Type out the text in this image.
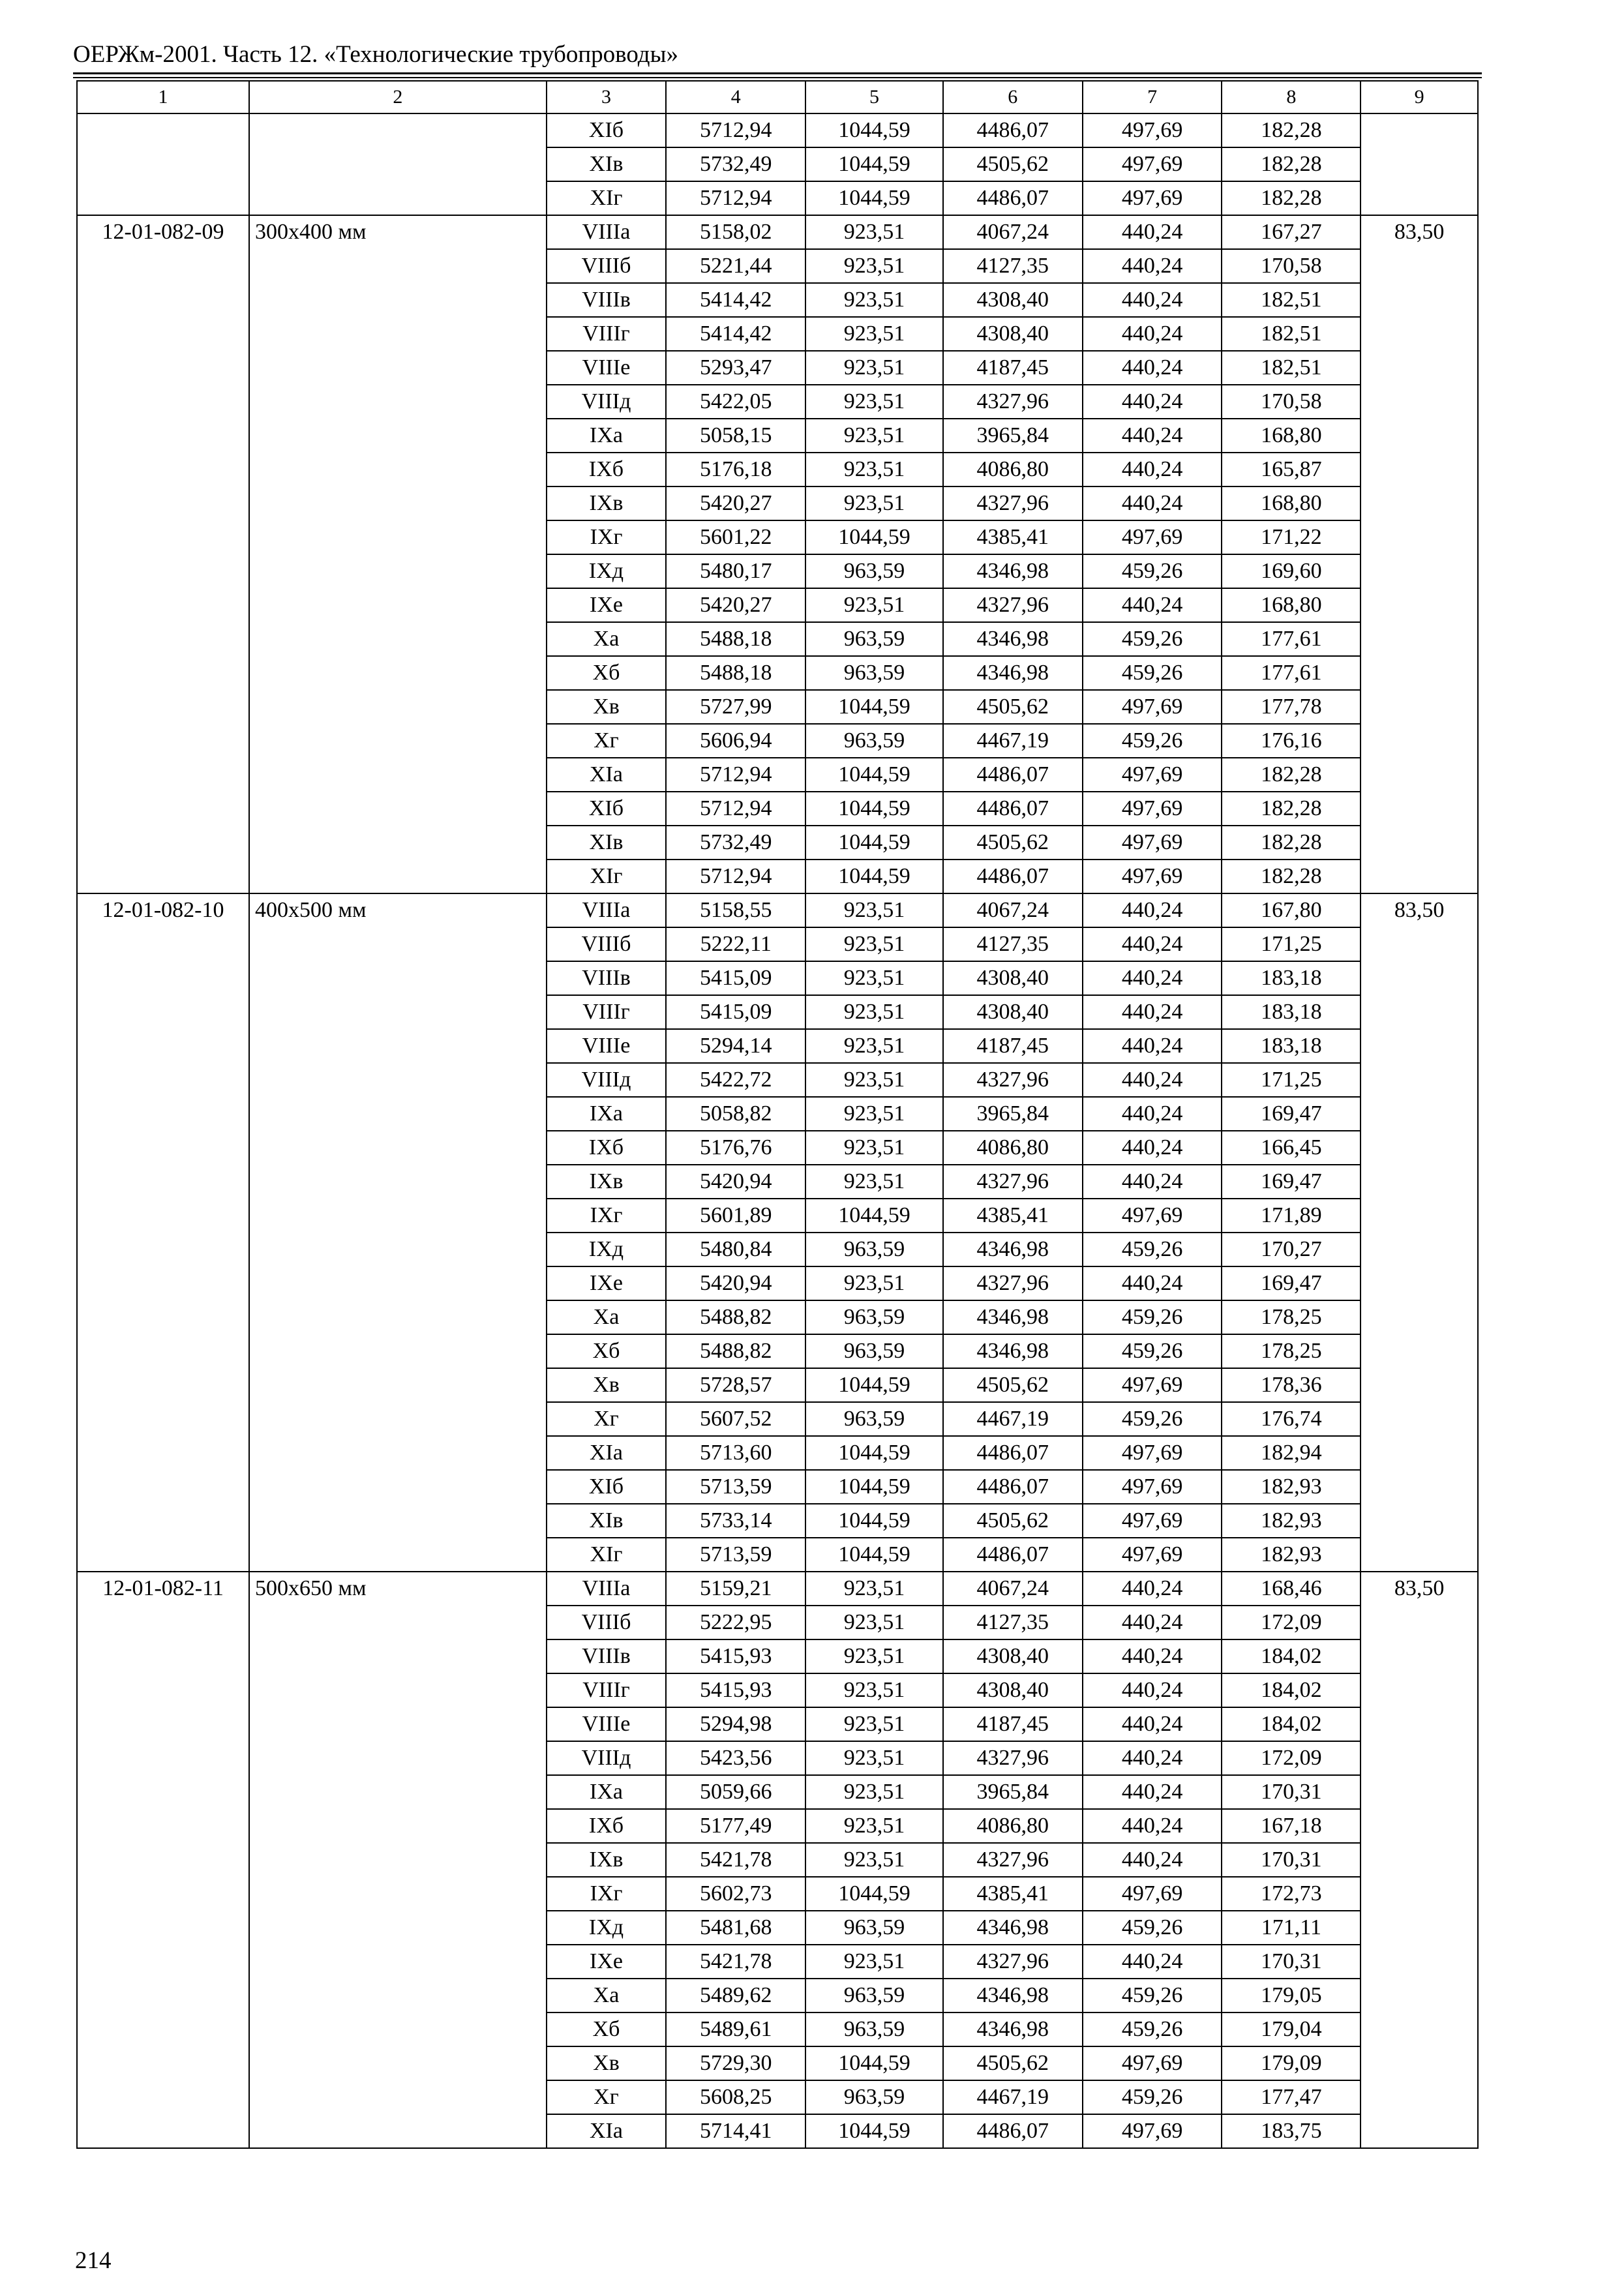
ОЕРЖм-2001. Часть 12. «Технологические трубопроводы»
1	2	3	4	5	6	7	8	9
		XIб	5712,94	1044,59	4486,07	497,69	182,28	
		XIв	5732,49	1044,59	4505,62	497,69	182,28	
		XIг	5712,94	1044,59	4486,07	497,69	182,28	
12-01-082-09	300x400 мм	VIIIа	5158,02	923,51	4067,24	440,24	167,27	83,50
		VIIIб	5221,44	923,51	4127,35	440,24	170,58	
		VIIIв	5414,42	923,51	4308,40	440,24	182,51	
		VIIIг	5414,42	923,51	4308,40	440,24	182,51	
		VIIIе	5293,47	923,51	4187,45	440,24	182,51	
		VIIIд	5422,05	923,51	4327,96	440,24	170,58	
		IXа	5058,15	923,51	3965,84	440,24	168,80	
		IXб	5176,18	923,51	4086,80	440,24	165,87	
		IXв	5420,27	923,51	4327,96	440,24	168,80	
		IXг	5601,22	1044,59	4385,41	497,69	171,22	
		IXд	5480,17	963,59	4346,98	459,26	169,60	
		IXе	5420,27	923,51	4327,96	440,24	168,80	
		Xа	5488,18	963,59	4346,98	459,26	177,61	
		Xб	5488,18	963,59	4346,98	459,26	177,61	
		Xв	5727,99	1044,59	4505,62	497,69	177,78	
		Xг	5606,94	963,59	4467,19	459,26	176,16	
		XIа	5712,94	1044,59	4486,07	497,69	182,28	
		XIб	5712,94	1044,59	4486,07	497,69	182,28	
		XIв	5732,49	1044,59	4505,62	497,69	182,28	
		XIг	5712,94	1044,59	4486,07	497,69	182,28	
12-01-082-10	400x500 мм	VIIIа	5158,55	923,51	4067,24	440,24	167,80	83,50
		VIIIб	5222,11	923,51	4127,35	440,24	171,25	
		VIIIв	5415,09	923,51	4308,40	440,24	183,18	
		VIIIг	5415,09	923,51	4308,40	440,24	183,18	
		VIIIе	5294,14	923,51	4187,45	440,24	183,18	
		VIIIд	5422,72	923,51	4327,96	440,24	171,25	
		IXа	5058,82	923,51	3965,84	440,24	169,47	
		IXб	5176,76	923,51	4086,80	440,24	166,45	
		IXв	5420,94	923,51	4327,96	440,24	169,47	
		IXг	5601,89	1044,59	4385,41	497,69	171,89	
		IXд	5480,84	963,59	4346,98	459,26	170,27	
		IXе	5420,94	923,51	4327,96	440,24	169,47	
		Xа	5488,82	963,59	4346,98	459,26	178,25	
		Xб	5488,82	963,59	4346,98	459,26	178,25	
		Xв	5728,57	1044,59	4505,62	497,69	178,36	
		Xг	5607,52	963,59	4467,19	459,26	176,74	
		XIа	5713,60	1044,59	4486,07	497,69	182,94	
		XIб	5713,59	1044,59	4486,07	497,69	182,93	
		XIв	5733,14	1044,59	4505,62	497,69	182,93	
		XIг	5713,59	1044,59	4486,07	497,69	182,93	
12-01-082-11	500x650 мм	VIIIа	5159,21	923,51	4067,24	440,24	168,46	83,50
		VIIIб	5222,95	923,51	4127,35	440,24	172,09	
		VIIIв	5415,93	923,51	4308,40	440,24	184,02	
		VIIIг	5415,93	923,51	4308,40	440,24	184,02	
		VIIIе	5294,98	923,51	4187,45	440,24	184,02	
		VIIIд	5423,56	923,51	4327,96	440,24	172,09	
		IXа	5059,66	923,51	3965,84	440,24	170,31	
		IXб	5177,49	923,51	4086,80	440,24	167,18	
		IXв	5421,78	923,51	4327,96	440,24	170,31	
		IXг	5602,73	1044,59	4385,41	497,69	172,73	
		IXд	5481,68	963,59	4346,98	459,26	171,11	
		IXе	5421,78	923,51	4327,96	440,24	170,31	
		Xа	5489,62	963,59	4346,98	459,26	179,05	
		Xб	5489,61	963,59	4346,98	459,26	179,04	
		Xв	5729,30	1044,59	4505,62	497,69	179,09	
		Xг	5608,25	963,59	4467,19	459,26	177,47	
		XIа	5714,41	1044,59	4486,07	497,69	183,75	
214
